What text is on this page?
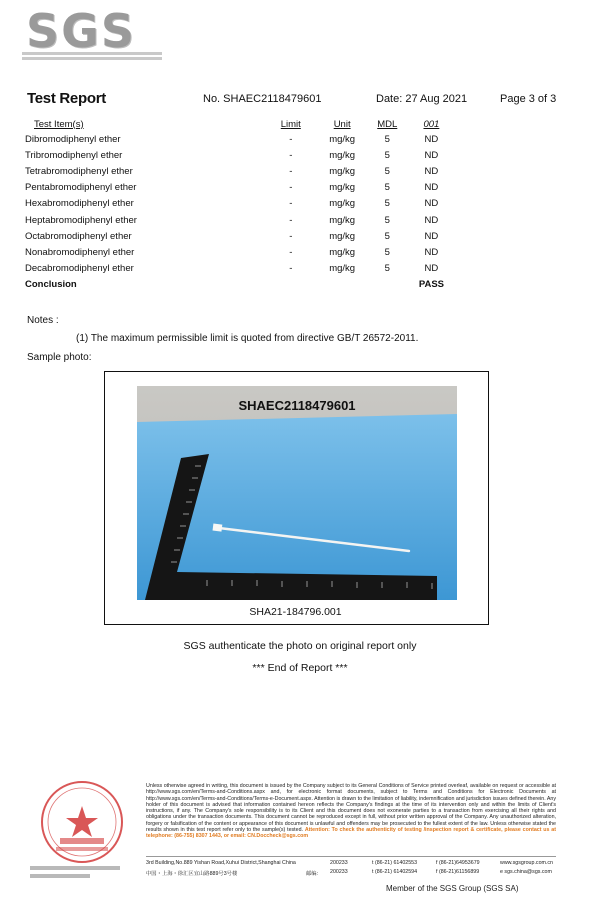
SGS
Test Report	No. SHAEC2118479601	Date: 27 Aug 2021	Page 3 of 3
Test Item(s)	Limit	Unit	MDL	001
Dibromodiphenyl ether	-	mg/kg	5	ND
Tribromodiphenyl ether	-	mg/kg	5	ND
Tetrabromodiphenyl ether	-	mg/kg	5	ND
Pentabromodiphenyl ether	-	mg/kg	5	ND
Hexabromodiphenyl ether	-	mg/kg	5	ND
Heptabromodiphenyl ether	-	mg/kg	5	ND
Octabromodiphenyl ether	-	mg/kg	5	ND
Nonabromodiphenyl ether	-	mg/kg	5	ND
Decabromodiphenyl ether	-	mg/kg	5	ND
Conclusion				PASS
Notes :
(1) The maximum permissible limit is quoted from directive GB/T 26572-2011.
Sample photo:
SHAEC2118479601
SHA21-184796.001
SGS authenticate the photo on original report only
*** End of Report ***
Unless otherwise agreed in writing, this document is issued by the Company subject to its General Conditions of Service printed overleaf, available on request or accessible at http://www.sgs.com/en/Terms-and-Conditions.aspx and, for electronic format documents, subject to Terms and Conditions for Electronic Documents at http://www.sgs.com/en/Terms-and-Conditions/Terms-e-Document.aspx. Attention is drawn to the limitation of liability, indemnification and jurisdiction issues defined therein. Any holder of this document is advised that information contained hereon reflects the Company's findings at the time of its intervention only and within the limits of Client's instructions, if any. The Company's sole responsibility is to its Client and this document does not exonerate parties to a transaction from exercising all their rights and obligations under the transaction documents. This document cannot be reproduced except in full, without prior written approval of the Company. Any unauthorized alteration, forgery or falsification of the content or appearance of this document is unlawful and offenders may be prosecuted to the fullest extent of the law. Unless otherwise stated the results shown in this test report refer only to the sample(s) tested. Attention: To check the authenticity of testing /inspection report & certificate, please contact us at telephone: (86-755) 8307 1443, or email: CN.Doccheck@sgs.com
3rd Building,No.889 Yishan Road,Xuhui District,Shanghai China	200233	t (86-21) 61402553	f (86-21)64953679	www.sgsgroup.com.cn
中国・上海・徐汇区宜山路889号3号楼	邮编: 200233	t (86-21) 61402594	f (86-21)61156899	e sgs.china@sgs.com
Member of the SGS Group (SGS SA)
